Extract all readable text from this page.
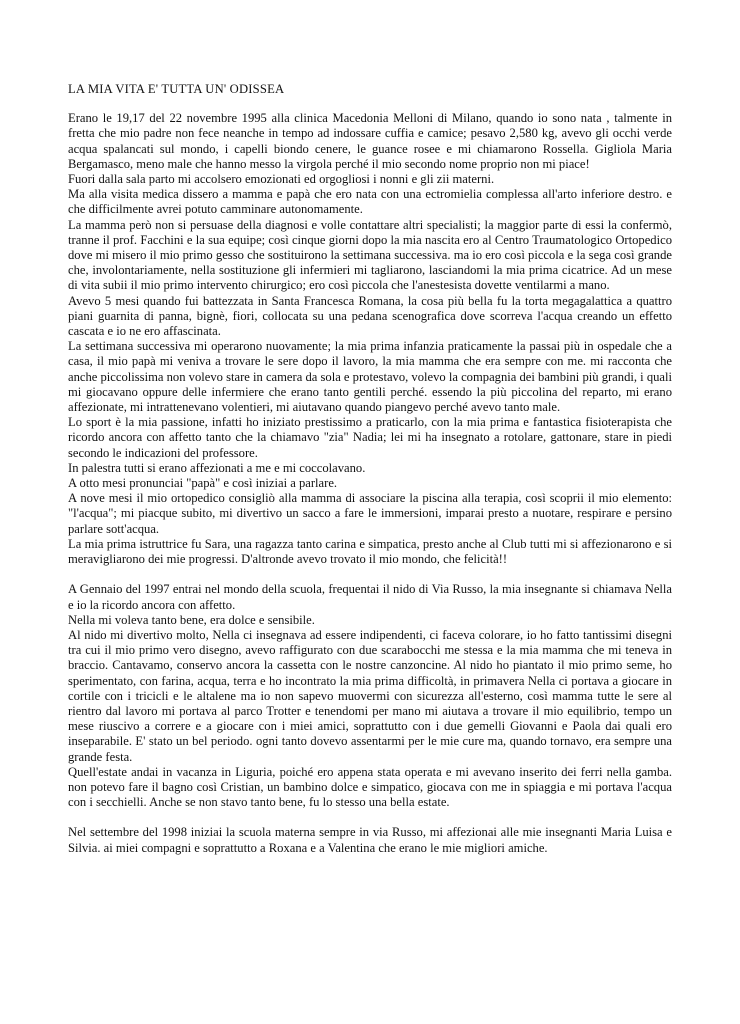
LA MIA VITA E' TUTTA UN' ODISSEA

Erano le 19,17 del 22 novembre 1995 alla clinica Macedonia Melloni di Milano, quando io sono nata , talmente in fretta che mio padre non fece neanche in tempo ad indossare cuffia e camice; pesavo 2,580 kg, avevo gli occhi verde acqua spalancati sul mondo, i capelli biondo cenere, le guance rosee e mi chiamarono Rossella. Gigliola Maria Bergamasco, meno male che hanno messo la virgola perché il mio secondo nome proprio non mi piace!

Fuori dalla sala parto mi accolsero emozionati ed orgogliosi i nonni e gli zii materni.

Ma alla visita medica dissero a mamma e papà che ero nata con una ectromielia complessa all'arto inferiore destro. e che difficilmente avrei potuto camminare autonomamente.

La mamma però non si persuase della diagnosi e volle contattare altri specialisti; la maggior parte di essi la confermò, tranne il prof. Facchini e la sua equipe; così cinque giorni dopo la mia nascita ero al Centro Traumatologico Ortopedico dove mi misero il mio primo gesso che sostituirono la settimana successiva. ma io ero così piccola e la sega così grande che, involontariamente, nella sostituzione gli infermieri mi tagliarono, lasciandomi la mia prima cicatrice. Ad un mese di vita subii il mio primo intervento chirurgico; ero così piccola che l'anestesista dovette ventilarmi a mano.

Avevo 5 mesi quando fui battezzata in Santa Francesca Romana, la cosa più bella fu la torta megagalattica a quattro piani guarnita di panna, bignè, fiori, collocata su una pedana scenografica dove scorreva l'acqua creando un effetto cascata e io ne ero affascinata.

La settimana successiva mi operarono nuovamente; la mia prima infanzia praticamente la passai più in ospedale che a casa, il mio papà mi veniva a trovare le sere dopo il lavoro, la mia mamma che era sempre con me. mi racconta che anche piccolissima non volevo stare in camera da sola e protestavo, volevo la compagnia dei bambini più grandi, i quali mi giocavano oppure delle infermiere che erano tanto gentili perché. essendo la più piccolina del reparto, mi erano affezionate, mi intrattenevano volentieri, mi aiutavano quando piangevo perché avevo tanto male.

Lo sport è la mia passione, infatti ho iniziato prestissimo a praticarlo, con la mia prima e fantastica fisioterapista che ricordo ancora con affetto tanto che la chiamavo "zia" Nadia; lei mi ha insegnato a rotolare, gattonare, stare in piedi secondo le indicazioni del professore.

In palestra tutti si erano affezionati a me e mi coccolavano.

A otto mesi pronunciai "papà" e così iniziai a parlare.

A nove mesi il mio ortopedico consigliò alla mamma di associare la piscina alla terapia, così scoprii il mio elemento: "l'acqua"; mi piacque subito, mi divertivo un sacco a fare le immersioni, imparai presto a nuotare, respirare e persino parlare sott'acqua.

La mia prima istruttrice fu Sara, una ragazza tanto carina e simpatica, presto anche al Club tutti mi si affezionarono e si meravigliarono dei mie progressi. D'altronde avevo trovato il mio mondo, che felicità!!

A Gennaio del 1997 entrai nel mondo della scuola, frequentai il nido di Via Russo, la mia insegnante si chiamava Nella e io la ricordo ancora con affetto.

Nella mi voleva tanto bene, era dolce e sensibile.

Al nido mi divertivo molto, Nella ci insegnava ad essere indipendenti, ci faceva colorare, io ho fatto tantissimi disegni tra cui il mio primo vero disegno, avevo raffigurato con due scarabocchi me stessa e la mia mamma che mi teneva in braccio. Cantavamo, conservo ancora la cassetta con le nostre canzoncine. Al nido ho piantato il mio primo seme, ho sperimentato, con farina, acqua, terra e ho incontrato la mia prima difficoltà, in primavera Nella ci portava a giocare in cortile con i tricicli e le altalene ma io non sapevo muovermi con sicurezza all'esterno, così mamma tutte le sere al rientro dal lavoro mi portava al parco Trotter e tenendomi per mano mi aiutava a trovare il mio equilibrio, tempo un mese riuscivo a correre e a giocare con i miei amici, soprattutto con i due gemelli Giovanni e Paola dai quali ero inseparabile. E' stato un bel periodo. ogni tanto dovevo assentarmi per le mie cure ma, quando tornavo, era sempre una grande festa.

Quell'estate andai in vacanza in Liguria, poiché ero appena stata operata e mi avevano inserito dei ferri nella gamba. non potevo fare il bagno così Cristian, un bambino dolce e simpatico, giocava con me in spiaggia e mi portava l'acqua con i secchielli. Anche se non stavo tanto bene, fu lo stesso una bella estate.

Nel settembre del 1998 iniziai la scuola materna sempre in via Russo, mi affezionai alle mie insegnanti Maria Luisa e Silvia. ai miei compagni e soprattutto a Roxana e a Valentina che erano le mie migliori amiche.
